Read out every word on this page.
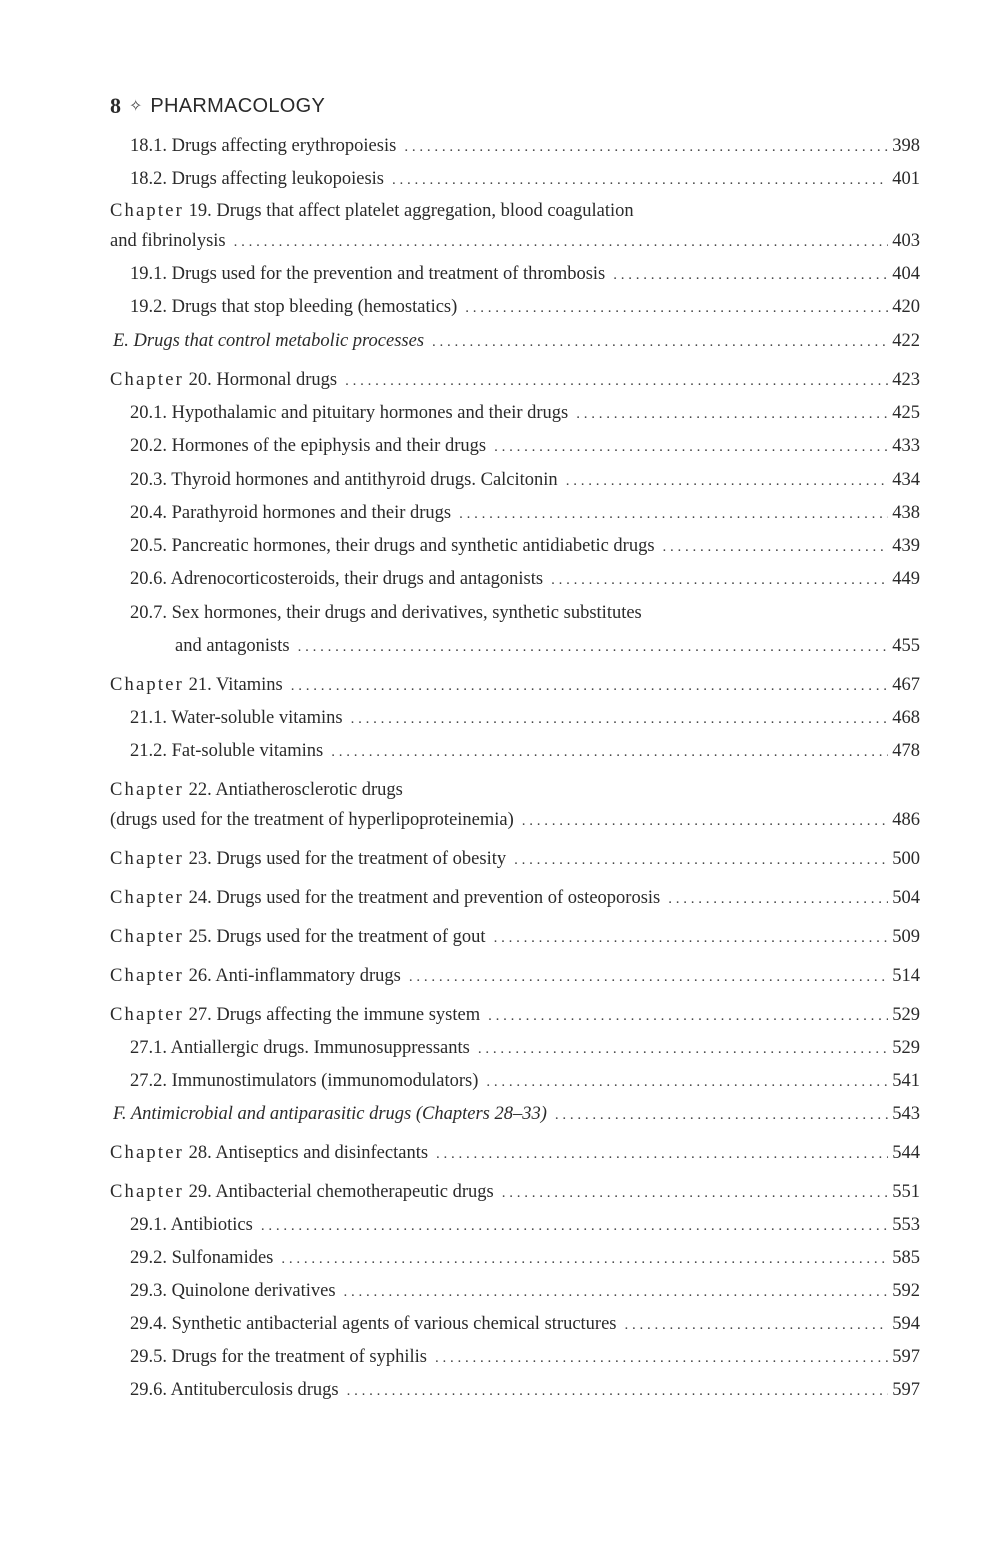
8 ✧ PHARMACOLOGY
18.1. Drugs affecting erythropoiesis . . .	398
18.2. Drugs affecting leukopoiesis . . .	401
Chapter 19. Drugs that affect platelet aggregation, blood coagulation
and fibrinolysis . . .	403
19.1. Drugs used for the prevention and treatment of thrombosis . . .	404
19.2. Drugs that stop bleeding (hemostatics) . . .	420
E. Drugs that control metabolic processes . . .	422
Chapter 20. Hormonal drugs . . .	423
20.1. Hypothalamic and pituitary hormones and their drugs . . .	425
20.2. Hormones of the epiphysis and their drugs . . .	433
20.3. Thyroid hormones and antithyroid drugs. Calcitonin . . .	434
20.4. Parathyroid hormones and their drugs . . .	438
20.5. Pancreatic hormones, their drugs and synthetic antidiabetic drugs . . .	439
20.6. Adrenocorticosteroids, their drugs and antagonists . . .	449
20.7. Sex hormones, their drugs and derivatives, synthetic substitutes
and antagonists . . .	455
Chapter 21. Vitamins . . .	467
21.1. Water-soluble vitamins . . .	468
21.2. Fat-soluble vitamins . . .	478
Chapter 22. Antiatherosclerotic drugs
(drugs used for the treatment of hyperlipoproteinemia) . . .	486
Chapter 23. Drugs used for the treatment of obesity . . .	500
Chapter 24. Drugs used for the treatment and prevention of osteoporosis . . .	504
Chapter 25. Drugs used for the treatment of gout . . .	509
Chapter 26. Anti-inflammatory drugs . . .	514
Chapter 27. Drugs affecting the immune system . . .	529
27.1. Antiallergic drugs. Immunosuppressants . . .	529
27.2. Immunostimulators (immunomodulators) . . .	541
F. Antimicrobial and antiparasitic drugs (Chapters 28–33) . . .	543
Chapter 28. Antiseptics and disinfectants . . .	544
Chapter 29. Antibacterial chemotherapeutic drugs . . .	551
29.1. Antibiotics . . .	553
29.2. Sulfonamides . . .	585
29.3. Quinolone derivatives . . .	592
29.4. Synthetic antibacterial agents of various chemical structures . . .	594
29.5. Drugs for the treatment of syphilis . . .	597
29.6. Antituberculosis drugs . . .	597
